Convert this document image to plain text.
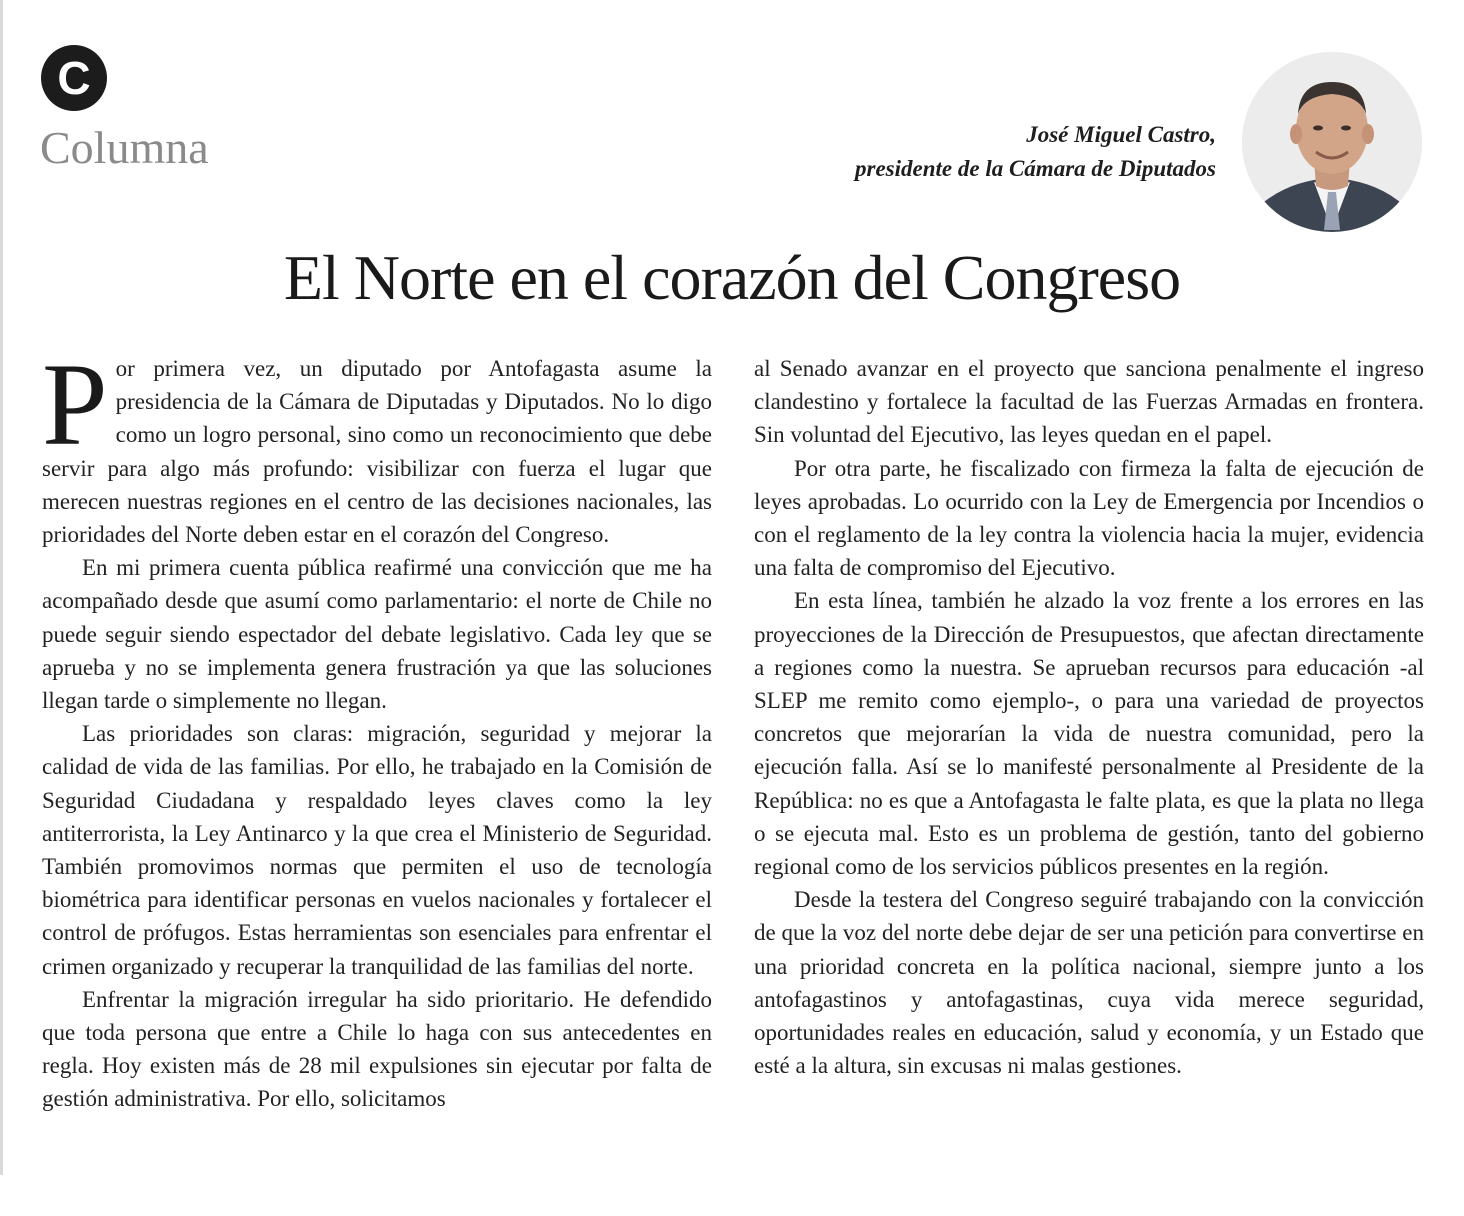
C
Columna	José Miguel Castro,
presidente de la Cámara de Diputados
El Norte en el corazón del Congreso

Por primera vez, un diputado por Antofagasta asume la presidencia de la Cámara de Diputadas y Diputados. No lo digo como un logro personal, sino como un reconocimiento que debe servir para algo más profundo: visibilizar con fuerza el lugar que merecen nuestras regiones en el centro de las decisiones nacionales, las prioridades del Norte deben estar en el corazón del Congreso.

En mi primera cuenta pública reafirmé una convicción que me ha acompañado desde que asumí como parlamentario: el norte de Chile no puede seguir siendo espectador del debate legislativo. Cada ley que se aprueba y no se implementa genera frustración ya que las soluciones llegan tarde o simplemente no llegan.

Las prioridades son claras: migración, seguridad y mejorar la calidad de vida de las familias. Por ello, he trabajado en la Comisión de Seguridad Ciudadana y respaldado leyes claves como la ley antiterrorista, la Ley Antinarco y la que crea el Ministerio de Seguridad. También promovimos normas que permiten el uso de tecnología biométrica para identificar personas en vuelos nacionales y fortalecer el control de prófugos. Estas herramientas son esenciales para enfrentar el crimen organizado y recuperar la tranquilidad de las familias del norte.

Enfrentar la migración irregular ha sido prioritario. He defendido que toda persona que entre a Chile lo haga con sus antecedentes en regla. Hoy existen más de 28 mil expulsiones sin ejecutar por falta de gestión administrativa. Por ello, solicitamos

al Senado avanzar en el proyecto que sanciona penalmente el ingreso clandestino y fortalece la facultad de las Fuerzas Armadas en frontera. Sin voluntad del Ejecutivo, las leyes quedan en el papel.

Por otra parte, he fiscalizado con firmeza la falta de ejecución de leyes aprobadas. Lo ocurrido con la Ley de Emergencia por Incendios o con el reglamento de la ley contra la violencia hacia la mujer, evidencia una falta de compromiso del Ejecutivo.

En esta línea, también he alzado la voz frente a los errores en las proyecciones de la Dirección de Presupuestos, que afectan directamente a regiones como la nuestra. Se aprueban recursos para educación -al SLEP me remito como ejemplo-, o para una variedad de proyectos concretos que mejorarían la vida de nuestra comunidad, pero la ejecución falla. Así se lo manifesté personalmente al Presidente de la República: no es que a Antofagasta le falte plata, es que la plata no llega o se ejecuta mal. Esto es un problema de gestión, tanto del gobierno regional como de los servicios públicos presentes en la región.

Desde la testera del Congreso seguiré trabajando con la convicción de que la voz del norte debe dejar de ser una petición para convertirse en una prioridad concreta en la política nacional, siempre junto a los antofagastinos y antofagastinas, cuya vida merece seguridad, oportunidades reales en educación, salud y economía, y un Estado que esté a la altura, sin excusas ni malas gestiones.
